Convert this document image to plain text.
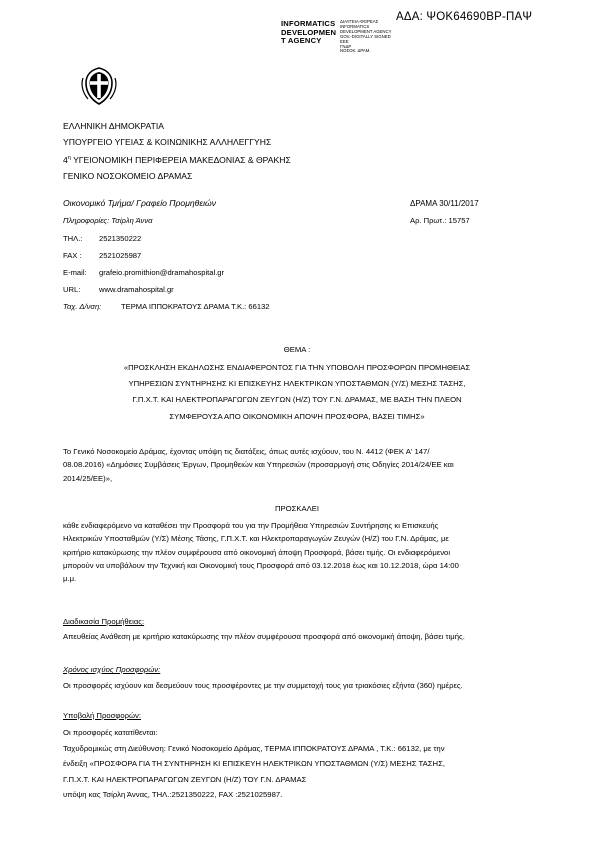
ΑΔΑ: ΨΟΚ64690ΒΡ-ΠΑΨ
INFORMATICS
DEVELOPMEN
T AGENCY
ΔΙΑΥΓΕΙΑ-ΦΟΡΕΑΣ
INFORMATICS
DEVELOPMENT AGENCY
GOV.-DIGITALLY SIGNED
ΕΕΕ
ΓΝΔΡ
ΝΟΣΟΚ. ΔΡΑΜ.
ΕΛΛΗΝΙΚΗ ΔΗΜΟΚΡΑΤΙΑ
ΥΠΟΥΡΓΕΙΟ ΥΓΕΙΑΣ & ΚΟΙΝΩΝΙΚΗΣ ΑΛΛΗΛΕΓΓΥΗΣ
$4^\eta$ ΥΓΕΙΟΝΟΜΙΚΗ ΠΕΡΙΦΕΡΕΙΑ ΜΑΚΕΔΟΝΙΑΣ & ΘΡΑΚΗΣ
ΓΕΝΙΚΟ ΝΟΣΟΚΟΜΕΙΟ ΔΡΑΜΑΣ
Οικονομικό Τμήμα/ Γραφείο Προμηθειών	ΔΡΑΜΑ 30/11/2017
Πληροφορίες: Τσίρλη Άννα	Αρ. Πρωτ.: 15757
ΤΗΛ.: 2521350222
FAX : 2521025987
E-mail: grafeio.promithion@dramahospital.gr
URL: www.dramahospital.gr
Ταχ. Δ/νση:	ΤΕΡΜΑ ΙΠΠΟΚΡΑΤΟΥΣ ΔΡΑΜΑ Τ.Κ.: 66132
ΘΕΜΑ :
«ΠΡΟΣΚΛΗΣΗ ΕΚΔΗΛΩΣΗΣ ΕΝΔΙΑΦΕΡΟΝΤΟΣ ΓΙΑ ΤΗΝ ΥΠΟΒΟΛΗ ΠΡΟΣΦΟΡΩΝ ΠΡΟΜΗΘΕΙΑΣ
ΥΠΗΡΕΣΙΩΝ ΣΥΝΤΗΡΗΣΗΣ ΚΙ ΕΠΙΣΚΕΥΗΣ ΗΛΕΚΤΡΙΚΩΝ ΥΠΟΣΤΑΘΜΩΝ (Υ/Σ) ΜΕΣΗΣ ΤΑΣΗΣ,
Γ.Π.Χ.Τ. ΚΑΙ ΗΛΕΚΤΡΟΠΑΡΑΓΩΓΩΝ ΖΕΥΓΩΝ (Η/Ζ) ΤΟΥ Γ.Ν. ΔΡΑΜΑΣ, ΜΕ ΒΑΣΗ ΤΗΝ ΠΛΕΟΝ
ΣΥΜΦΕΡΟΥΣΑ ΑΠΟ ΟΙΚΟΝΟΜΙΚΗ ΑΠΟΨΗ ΠΡΟΣΦΟΡΑ, ΒΑΣΕΙ ΤΙΜΗΣ»
Το Γενικό Νοσοκομείο Δράμας, έχοντας υπόψη τις διατάξεις, όπως αυτές ισχύουν, του Ν. 4412 (ΦΕΚ Α' 147/
08.08.2016) «Δημόσιες Συμβάσεις Έργων, Προμηθειών και Υπηρεσιών (προσαρμογή στις Οδηγίες 2014/24/ΕΕ και
2014/25/ΕΕ)»,
ΠΡΟΣΚΑΛΕΙ
κάθε ενδιαφερόμενο να καταθέσει την Προσφορά του για την Προμήθεια Υπηρεσιών Συντήρησης κι Επισκευής
Ηλεκτρικών Υποσταθμών (Υ/Σ) Μέσης Τάσης, Γ.Π.Χ.Τ. και Ηλεκτροπαραγωγών Ζευγών (Η/Ζ) του Γ.Ν. Δράμας, με
κριτήριο κατακύρωσης την πλέον συμφέρουσα από οικονομική άποψη Προσφορά, βάσει τιμής. Οι ενδιαφερόμενοι
μπορούν να υποβάλουν την Τεχνική και Οικονομική τους Προσφορά από 03.12.2018 έως και 10.12.2018, ώρα 14:00
μ.μ.
Διαδικασία Προμήθειας:
Απευθείας Ανάθεση με κριτήριο κατακύρωσης την πλέον συμφέρουσα προσφορά από οικονομική άποψη, βάσει τιμής.
Χρόνος ισχύος Προσφορών:
Οι προσφορές ισχύουν και δεσμεύουν τους προσφέροντες με την συμμετοχή τους για τριακόσιες εξήντα (360) ημέρες.
Υποβολή Προσφορών:
Οι προσφορές κατατίθενται:
Ταχυδρομικώς στη Διεύθυνση: Γενικό Νοσοκομείο Δράμας, ΤΕΡΜΑ ΙΠΠΟΚΡΑΤΟΥΣ ΔΡΑΜΑ , Τ.Κ.: 66132, με την
ένδειξη «ΠΡΟΣΦΟΡΑ ΓΙΑ ΤΗ ΣΥΝΤΗΡΗΣΗ ΚΙ ΕΠΙΣΚΕΥΗ ΗΛΕΚΤΡΙΚΩΝ ΥΠΟΣΤΑΘΜΩΝ (Υ/Σ) ΜΕΣΗΣ ΤΑΣΗΣ,
Γ.Π.Χ.Τ. ΚΑΙ ΗΛΕΚΤΡΟΠΑΡΑΓΩΓΩΝ ΖΕΥΓΩΝ (Η/Ζ) ΤΟΥ Γ.Ν. ΔΡΑΜΑΣ
υπόψη κας Τσίρλη Άννας, ΤΗΛ.:2521350222, FAX :2521025987.
